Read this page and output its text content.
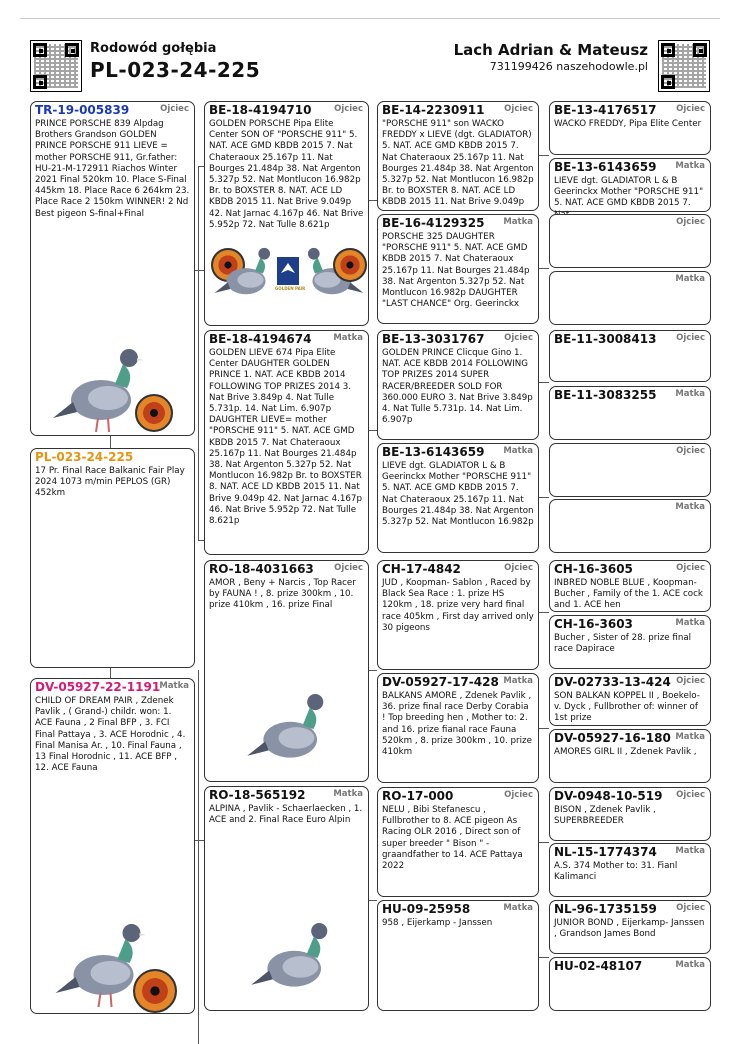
Rodowód gołębia
PL-023-24-225
Lach Adrian & Mateusz
731199426 naszehodowle.pl
TR-19-005839	Ojciec
PRINCE PORSCHE 839 Alpdag Brothers Grandson GOLDEN PRINCE PORSCHE 911 LIEVE = mother PORSCHE 911, Gr.father: HU-21-M-172911 Riachos Winter 2021 Final 520km 10. Place S-Final 445km 18. Place Race 6 264km 23. Place Race 2 150km WINNER! 2 Nd Best pigeon S-final+Final
PL-023-24-225
17 Pr. Final Race Balkanic Fair Play 2024 1073 m/min PEPLOS (GR) 452km
DV-05927-22-1191 Matka
CHILD OF DREAM PAIR , Zdenek Pavlik , ( Grand-) childr. won: 1. ACE Fauna , 2 Final BFP , 3. FCI Final Pattaya , 3. ACE Horodnic , 4. Final Manisa Ar. , 10. Final Fauna , 13 Final Horodnic , 11. ACE BFP , 12. ACE Fauna
BE-18-4194710	Ojciec
GOLDEN PORSCHE Pipa Elite Center SON OF "PORSCHE 911" 5. NAT. ACE GMD KBDB 2015 7. Nat Chateraoux 25.167p 11. Nat Bourges 21.484p 38. Nat Argenton 5.327p 52. Nat Montlucon 16.982p Br. to BOXSTER 8. NAT. ACE LD KBDB 2015 11. Nat Brive 9.049p 42. Nat Jarnac 4.167p 46. Nat Brive 5.952p 72. Nat Tulle 8.621p
GOLDEN PAIR
BE-18-4194674	Matka
GOLDEN LIEVE 674 Pipa Elite Center DAUGHTER GOLDEN PRINCE 1. NAT. ACE KBDB 2014 FOLLOWING TOP PRIZES 2014 3. Nat Brive 3.849p 4. Nat Tulle 5.731p. 14. Nat Lim. 6.907p DAUGHTER LIEVE= mother "PORSCHE 911" 5. NAT. ACE GMD KBDB 2015 7. Nat Chateraoux 25.167p 11. Nat Bourges 21.484p 38. Nat Argenton 5.327p 52. Nat Montlucon 16.982p Br. to BOXSTER 8. NAT. ACE LD KBDB 2015 11. Nat Brive 9.049p 42. Nat Jarnac 4.167p 46. Nat Brive 5.952p 72. Nat Tulle 8.621p
RO-18-4031663 Ojciec
AMOR , Beny + Narcis , Top Racer by FAUNA ! , 8. prize 300km , 10. prize 410km , 16. prize Final
RO-18-565192	Matka
ALPINA , Pavlik - Schaerlaecken , 1. ACE and 2. Final Race Euro Alpin
BE-14-2230911 Ojciec
"PORSCHE 911" son WACKO FREDDY x LIEVE (dgt. GLADIATOR) 5. NAT. ACE GMD KBDB 2015 7. Nat Chateraoux 25.167p 11. Nat Bourges 21.484p 38. Nat Argenton 5.327p 52. Nat Montlucon 16.982p Br. to BOXSTER 8. NAT. ACE LD KBDB 2015 11. Nat Brive 9.049p
BE-16-4129325 Matka
PORSCHE 325 DAUGHTER "PORSCHE 911" 5. NAT. ACE GMD KBDB 2015 7. Nat Chateraoux 25.167p 11. Nat Bourges 21.484p 38. Nat Argenton 5.327p 52. Nat Montlucon 16.982p DAUGHTER "LAST CHANCE" Org. Geerinckx
BE-13-3031767 Ojciec
GOLDEN PRINCE Clicque Gino 1. NAT. ACE KBDB 2014 FOLLOWING TOP PRIZES 2014 SUPER RACER/BREEDER SOLD FOR 360.000 EURO 3. Nat Brive 3.849p 4. Nat Tulle 5.731p. 14. Nat Lim. 6.907p
BE-13-6143659 Matka
LIEVE dgt. GLADIATOR L & B Geerinckx Mother "PORSCHE 911" 5. NAT. ACE GMD KBDB 2015 7. Nat Chateraoux 25.167p 11. Nat Bourges 21.484p 38. Nat Argenton 5.327p 52. Nat Montlucon 16.982p
CH-17-4842	Ojciec
JUD , Koopman- Sablon , Raced by Black Sea Race : 1. prize HS 120km , 18. prize very hard final race 405km , First day arrived only 30 pigeons
DV-05927-17-428 Matka
BALKANS AMORE , Zdenek Pavlik , 36. prize final race Derby Corabia ! Top breeding hen , Mother to: 2. and 16. prize fianal race Fauna 520km , 8. prize 300km , 10. prize 410km
RO-17-000	Ojciec
NELU , Bibi Stefanescu , Fullbrother to 8. ACE pigeon As Racing OLR 2016 , Direct son of super breeder " Bison " - graandfather to 14. ACE Pattaya 2022
HU-09-25958	Matka
958 , Eijerkamp - Janssen
BE-13-4176517 Ojciec
WACKO FREDDY, Pipa Elite Center
BE-13-6143659 Matka
LIEVE dgt. GLADIATOR L & B Geerinckx Mother "PORSCHE 911" 5. NAT. ACE GMD KBDB 2015 7.
Ojciec
Matka
BE-11-3008413 Ojciec
BE-11-3083255 Matka
Ojciec
Matka
CH-16-3605	Ojciec
INBRED NOBLE BLUE , Koopman-Bucher , Family of the 1. ACE cock and 1. ACE hen
CH-16-3603	Matka
Bucher , Sister of 28. prize final race Dapirace
DV-02733-13-424 Ojciec
SON BALKAN KOPPEL II , Boekelo- v. Dyck , Fullbrother of: winner of 1st prize
DV-05927-16-180 Matka
AMORES GIRL II , Zdenek Pavlik ,
DV-0948-10-519 Ojciec
BISON , Zdenek Pavlik , SUPERBREEDER
NL-15-1774374 Matka
A.S. 374 Mother to: 31. Fianl Kalimanci
NL-96-1735159 Ojciec
JUNIOR BOND , Eijerkamp- Janssen , Grandson James Bond
HU-02-48107	Matka
